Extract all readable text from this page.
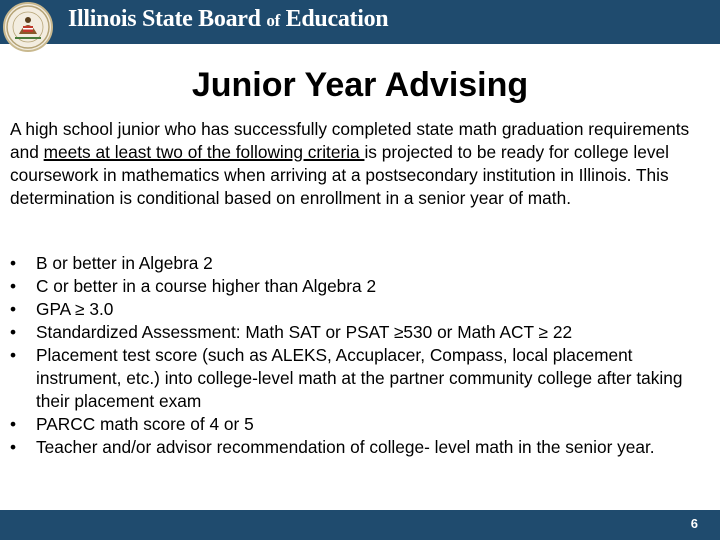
Illinois State Board of Education
Junior Year Advising

A high school junior who has successfully completed state math graduation requirements and meets at least two of the following criteria is projected to be ready for college level coursework in mathematics when arriving at a postsecondary institution in Illinois. This determination is conditional based on enrollment in a senior year of math.

• B or better in Algebra 2
• C or better in a course higher than Algebra 2
• GPA ≥ 3.0
• Standardized Assessment: Math SAT or PSAT ≥530 or Math ACT ≥ 22
• Placement test score (such as ALEKS, Accuplacer, Compass, local placement instrument, etc.) into college-level math at the partner community college after taking their placement exam
• PARCC math score of 4 or 5
• Teacher and/or advisor recommendation of college- level math in the senior year.
6
